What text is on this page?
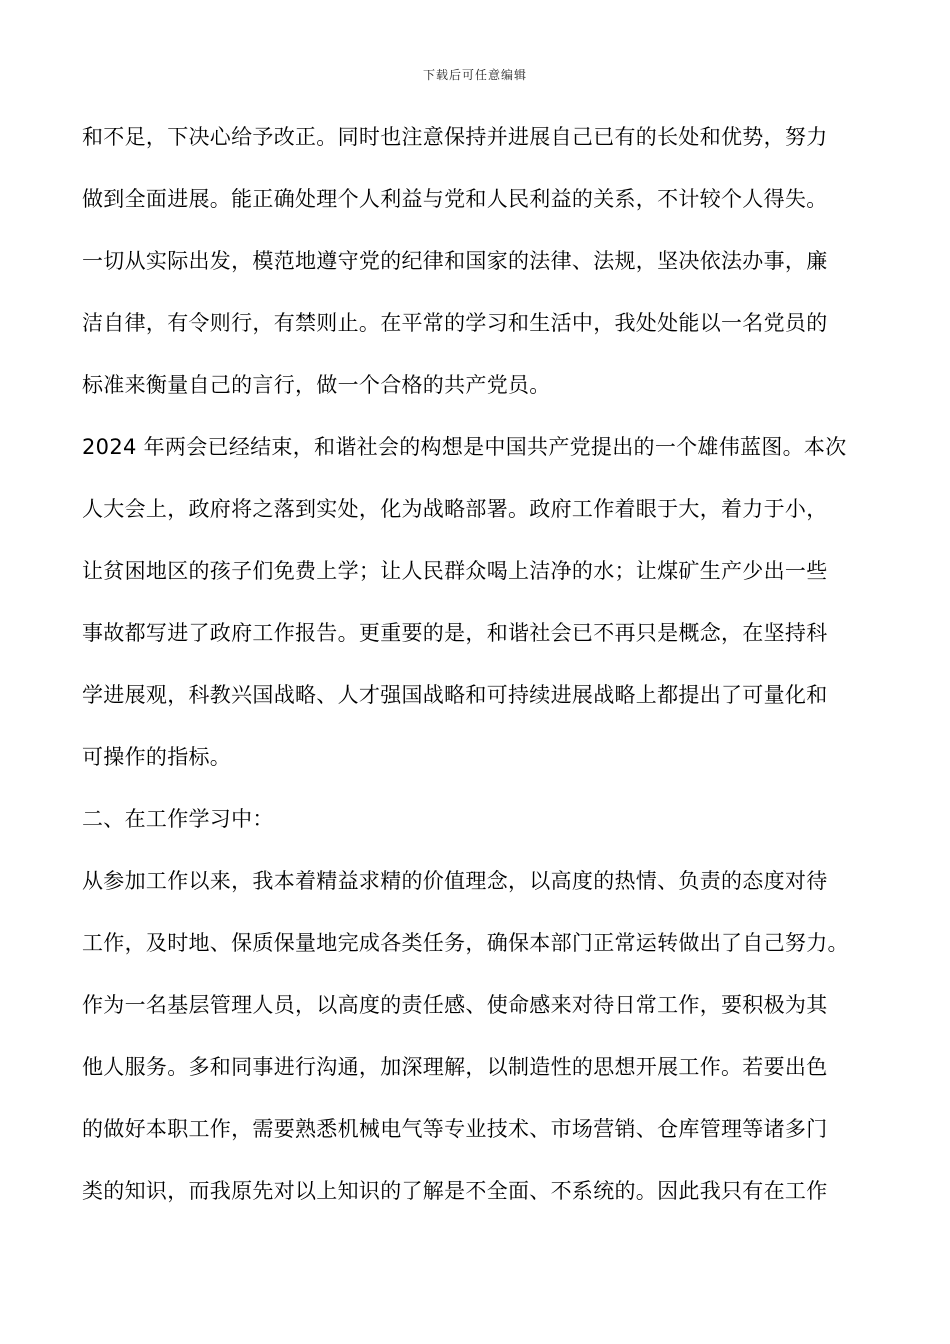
下载后可任意编辑
和不足，下决心给予改正。同时也注意保持并进展自己已有的长处和优势，努力
做到全面进展。能正确处理个人利益与党和人民利益的关系，不计较个人得失。
一切从实际出发，模范地遵守党的纪律和国家的法律、法规，坚决依法办事，廉
洁自律，有令则行，有禁则止。在平常的学习和生活中，我处处能以一名党员的
标准来衡量自己的言行，做一个合格的共产党员。
2024 年两会已经结束，和谐社会的构想是中国共产党提出的一个雄伟蓝图。本次
人大会上，政府将之落到实处，化为战略部署。政府工作着眼于大，着力于小，
让贫困地区的孩子们免费上学；让人民群众喝上洁净的水；让煤矿生产少出一些
事故都写进了政府工作报告。更重要的是，和谐社会已不再只是概念，在坚持科
学进展观，科教兴国战略、人才强国战略和可持续进展战略上都提出了可量化和
可操作的指标。
二、在工作学习中：
从参加工作以来，我本着精益求精的价值理念，以高度的热情、负责的态度对待
工作，及时地、保质保量地完成各类任务，确保本部门正常运转做出了自己努力。
作为一名基层管理人员，以高度的责任感、使命感来对待日常工作，要积极为其
他人服务。多和同事进行沟通，加深理解，以制造性的思想开展工作。若要出色
的做好本职工作，需要熟悉机械电气等专业技术、市场营销、仓库管理等诸多门
类的知识，而我原先对以上知识的了解是不全面、不系统的。因此我只有在工作
